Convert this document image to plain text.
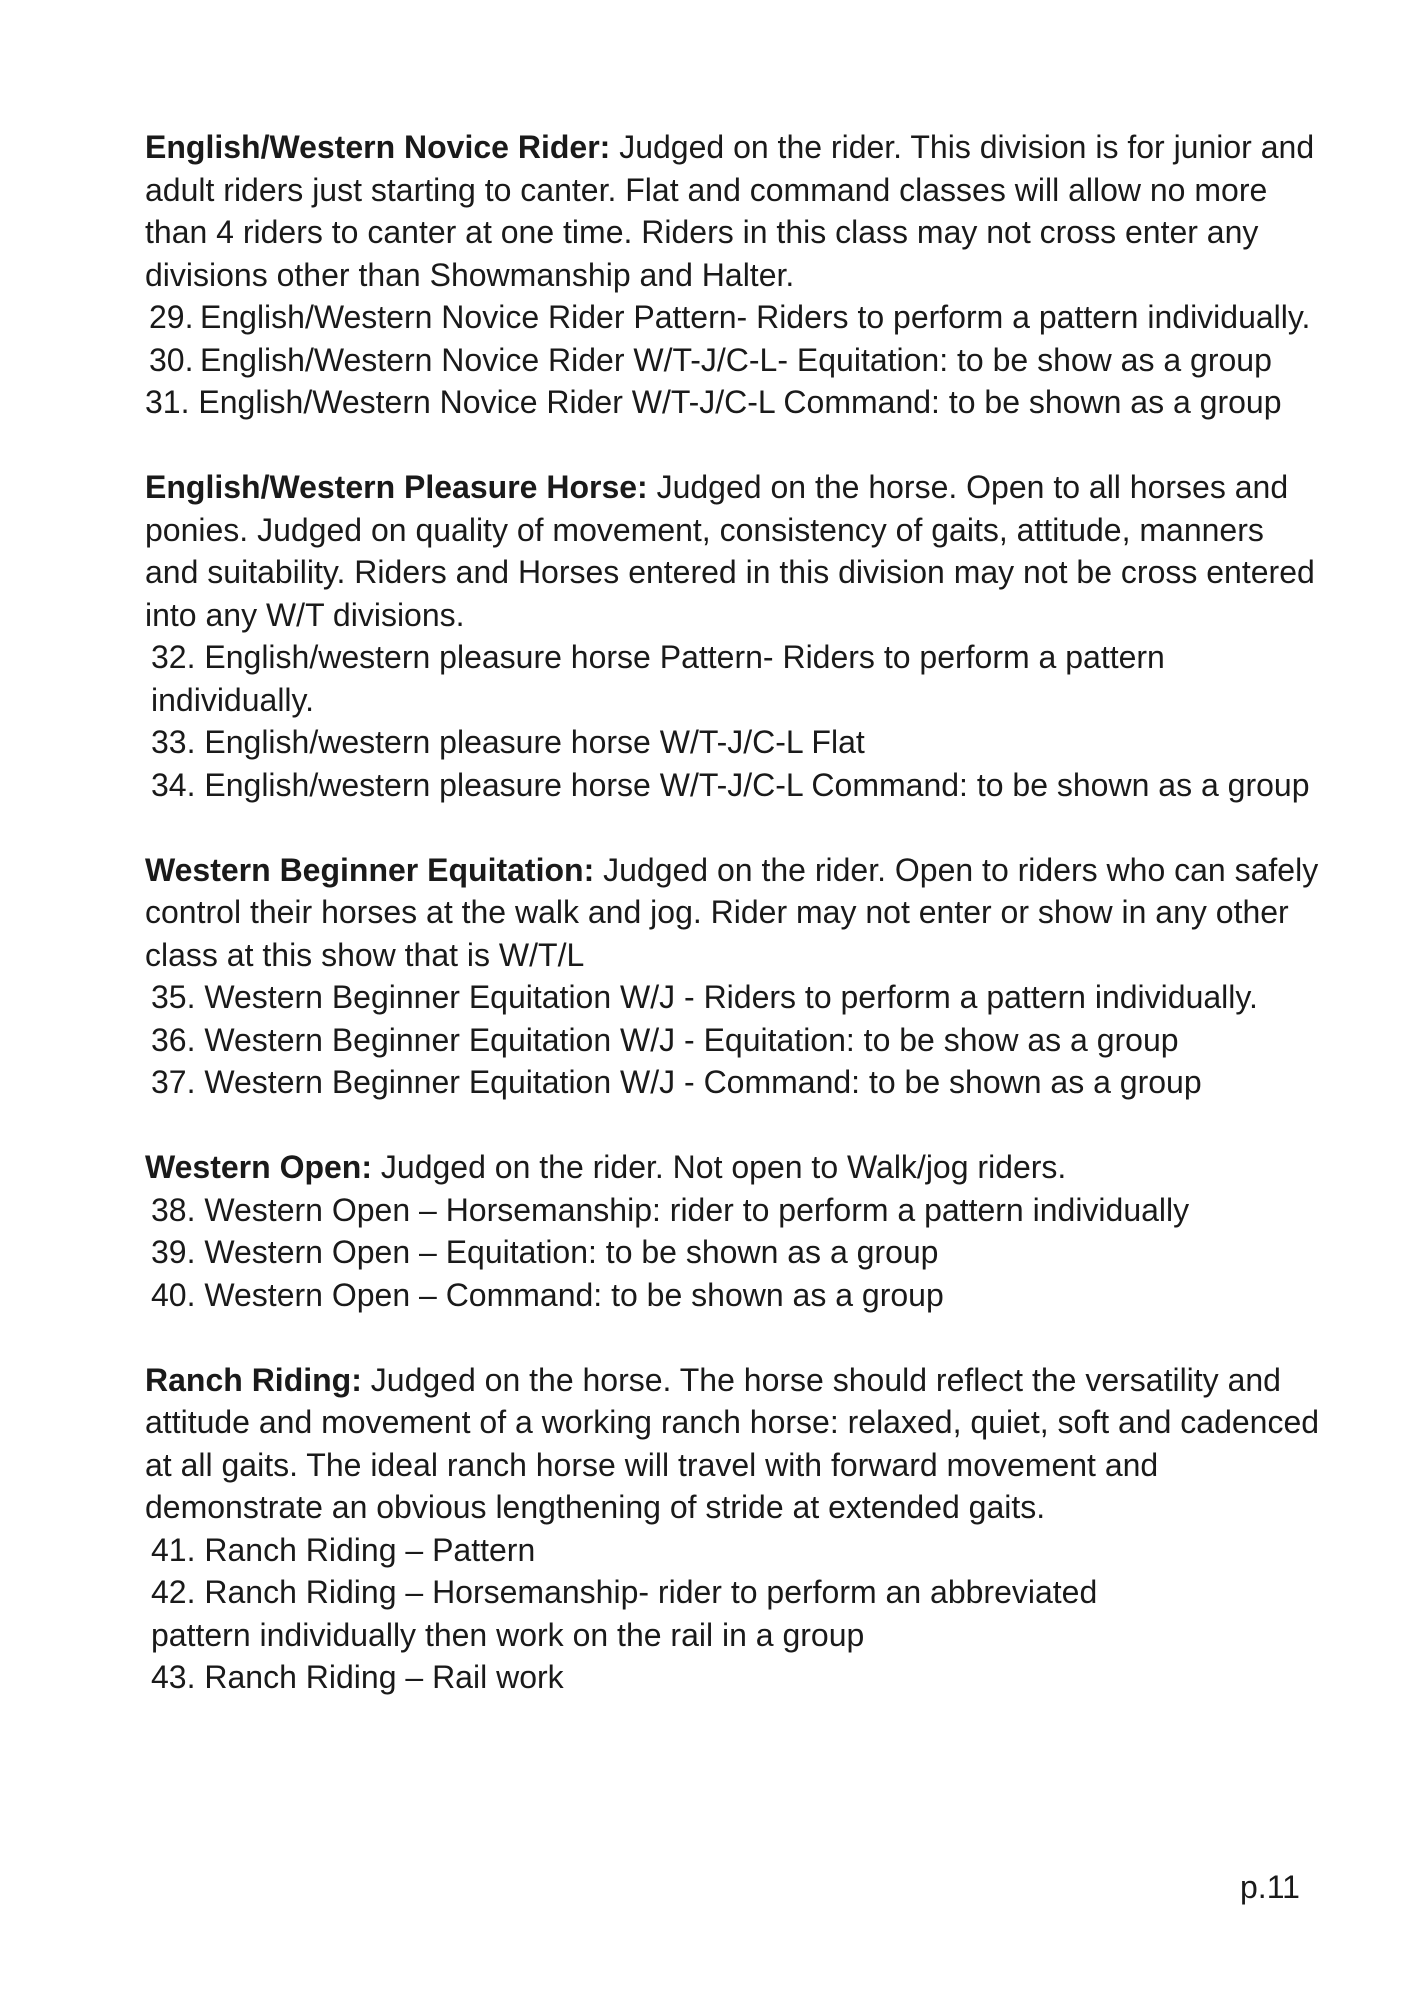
English/Western Novice Rider: Judged on the rider. This division is for junior and adult riders just starting to canter. Flat and command classes will allow no more than 4 riders to canter at one time. Riders in this class may not cross enter any divisions other than Showmanship and Halter.
29. English/Western Novice Rider Pattern- Riders to perform a pattern individually.
30. English/Western Novice Rider W/T-J/C-L- Equitation: to be show as a group
31. English/Western Novice Rider W/T-J/C-L Command: to be shown as a group
English/Western Pleasure Horse: Judged on the horse. Open to all horses and ponies. Judged on quality of movement, consistency of gaits, attitude, manners and suitability. Riders and Horses entered in this division may not be cross entered into any W/T divisions.
32. English/western pleasure horse Pattern- Riders to perform a pattern individually.
33. English/western pleasure horse W/T-J/C-L Flat
34. English/western pleasure horse W/T-J/C-L Command: to be shown as a group
Western Beginner Equitation: Judged on the rider. Open to riders who can safely control their horses at the walk and jog. Rider may not enter or show in any other class at this show that is W/T/L
35. Western Beginner Equitation W/J - Riders to perform a pattern individually.
36. Western Beginner Equitation W/J - Equitation: to be show as a group
37. Western Beginner Equitation W/J - Command: to be shown as a group
Western Open: Judged on the rider. Not open to Walk/jog riders.
38. Western Open – Horsemanship: rider to perform a pattern individually
39. Western Open – Equitation: to be shown as a group
40. Western Open – Command: to be shown as a group
Ranch Riding: Judged on the horse. The horse should reflect the versatility and attitude and movement of a working ranch horse: relaxed, quiet, soft and cadenced at all gaits. The ideal ranch horse will travel with forward movement and demonstrate an obvious lengthening of stride at extended gaits.
41. Ranch Riding – Pattern
42. Ranch Riding – Horsemanship- rider to perform an abbreviated pattern individually then work on the rail in a group
43. Ranch Riding – Rail work
p.11
